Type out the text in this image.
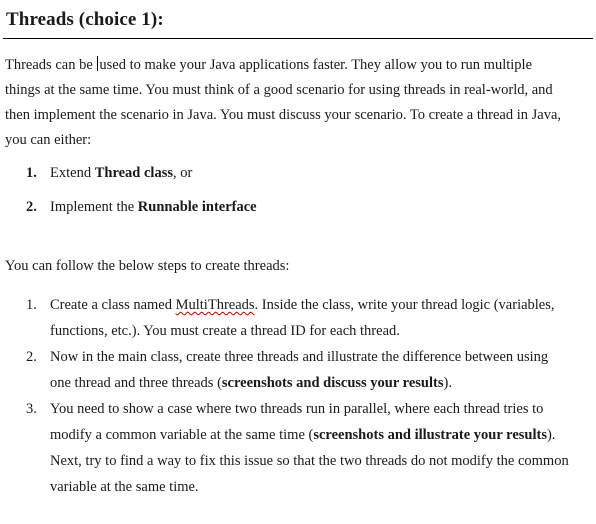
Threads (choice 1):
Threads can be used to make your Java applications faster. They allow you to run multiple things at the same time. You must think of a good scenario for using threads in real-world, and then implement the scenario in Java. You must discuss your scenario. To create a thread in Java, you can either:
1. Extend Thread class, or
2. Implement the Runnable interface
You can follow the below steps to create threads:
1. Create a class named MultiThreads. Inside the class, write your thread logic (variables, functions, etc.). You must create a thread ID for each thread.
2. Now in the main class, create three threads and illustrate the difference between using one thread and three threads (screenshots and discuss your results).
3. You need to show a case where two threads run in parallel, where each thread tries to modify a common variable at the same time (screenshots and illustrate your results). Next, try to find a way to fix this issue so that the two threads do not modify the common variable at the same time.
